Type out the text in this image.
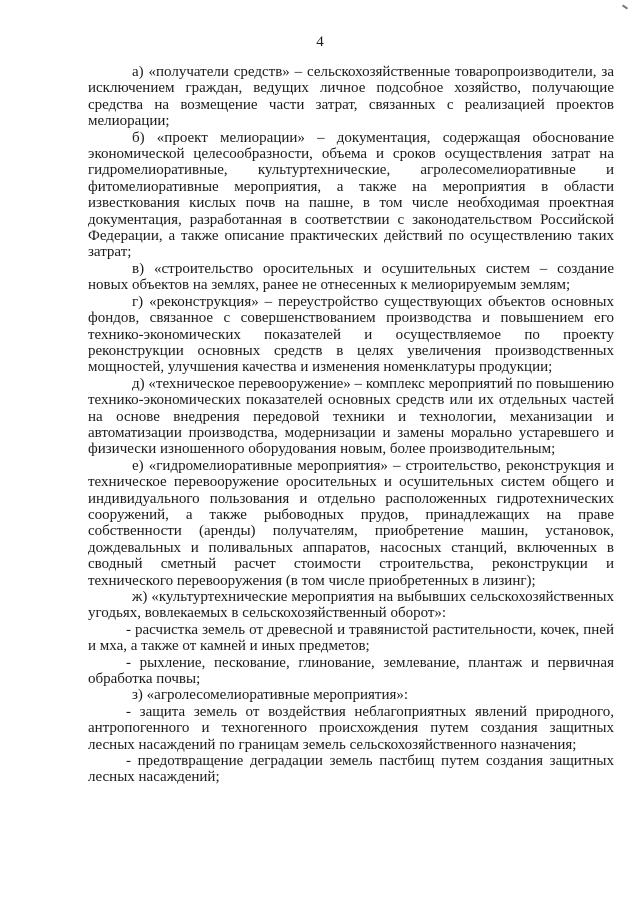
4

а) «получатели средств» – сельскохозяйственные товаропроизводители, за исключением граждан, ведущих личное подсобное хозяйство, получающие средства на возмещение части затрат, связанных с реализацией проектов мелиорации;

б) «проект мелиорации» – документация, содержащая обоснование экономической целесообразности, объема и сроков осуществления затрат на гидромелиоративные, культуртехнические, агролесомелиоративные и фитомелиоративные мероприятия, а также на мероприятия в области известкования кислых почв на пашне, в том числе необходимая проектная документация, разработанная в соответствии с законодательством Российской Федерации, а также описание практических действий по осуществлению таких затрат;

в) «строительство оросительных и осушительных систем – создание новых объектов на землях, ранее не отнесенных к мелиорируемым землям;

г) «реконструкция» – переустройство существующих объектов основных фондов, связанное с совершенствованием производства и повышением его технико-экономических показателей и осуществляемое по проекту реконструкции основных средств в целях увеличения производственных мощностей, улучшения качества и изменения номенклатуры продукции;

д) «техническое перевооружение» – комплекс мероприятий по повышению технико-экономических показателей основных средств или их отдельных частей на основе внедрения передовой техники и технологии, механизации и автоматизации производства, модернизации и замены морально устаревшего и физически изношенного оборудования новым, более производительным;

е) «гидромелиоративные мероприятия» – строительство, реконструкция и техническое перевооружение оросительных и осушительных систем общего и индивидуального пользования и отдельно расположенных гидротехнических сооружений, а также рыбоводных прудов, принадлежащих на праве собственности (аренды) получателям, приобретение машин, установок, дождевальных и поливальных аппаратов, насосных станций, включенных в сводный сметный расчет стоимости строительства, реконструкции и технического перевооружения (в том числе приобретенных в лизинг);

ж) «культуртехнические мероприятия на выбывших сельскохозяйственных угодьях, вовлекаемых в сельскохозяйственный оборот»:

- расчистка земель от древесной и травянистой растительности, кочек, пней и мха, а также от камней и иных предметов;

- рыхление, пескование, глинование, землевание, плантаж и первичная обработка почвы;

з) «агролесомелиоративные мероприятия»:

- защита земель от воздействия неблагоприятных явлений природного, антропогенного и техногенного происхождения путем создания защитных лесных насаждений по границам земель сельскохозяйственного назначения;

- предотвращение деградации земель пастбищ путем создания защитных лесных насаждений;
